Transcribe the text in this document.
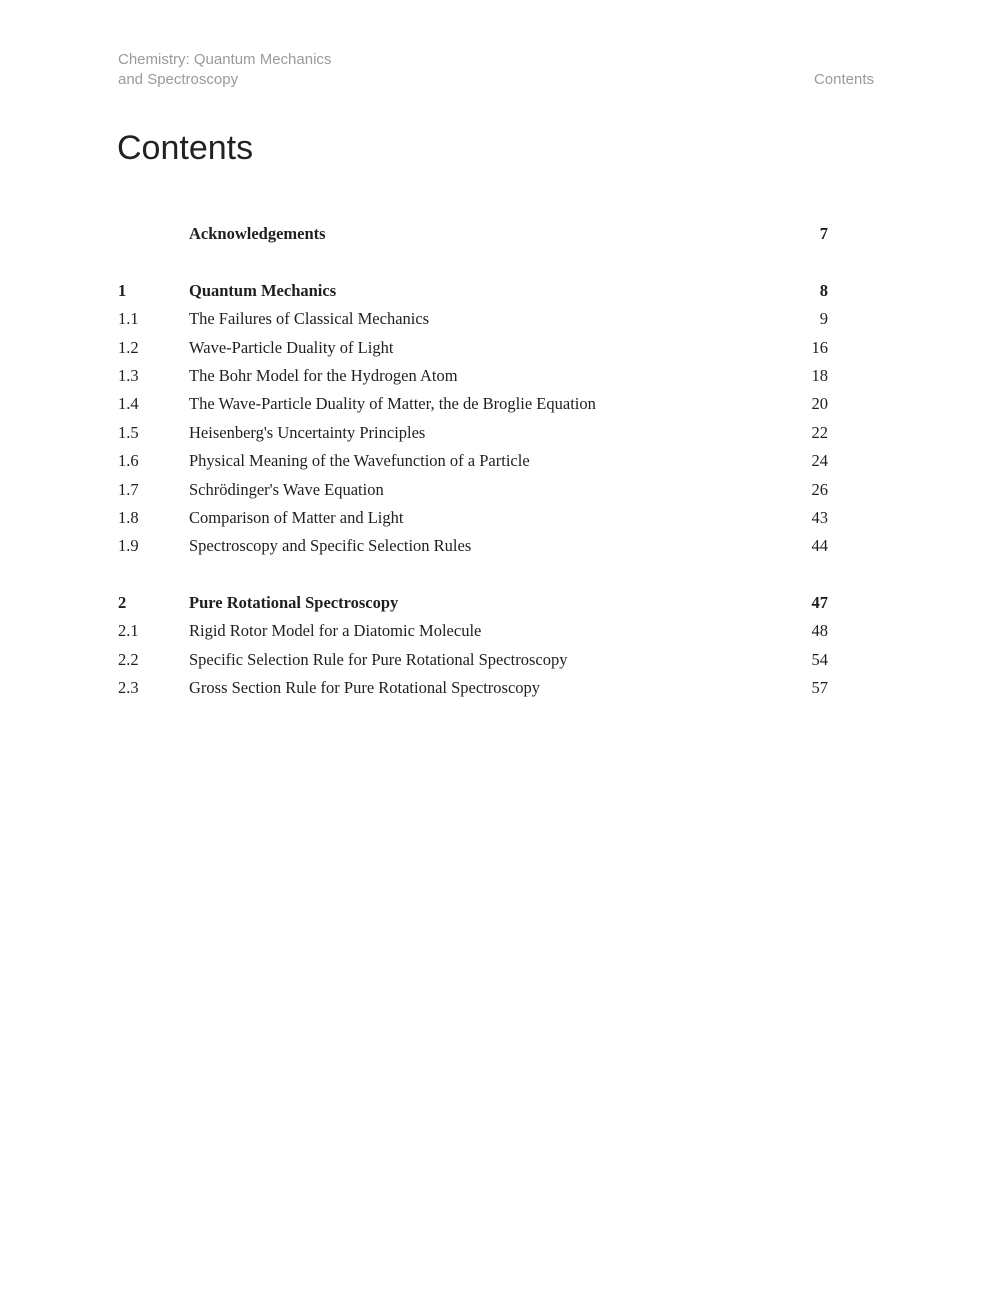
Chemistry: Quantum Mechanics
and Spectroscopy	Contents
Contents
Acknowledgements	7
1	Quantum Mechanics	8
1.1	The Failures of Classical Mechanics	9
1.2	Wave-Particle Duality of Light	16
1.3	The Bohr Model for the Hydrogen Atom	18
1.4	The Wave-Particle Duality of Matter, the de Broglie Equation	20
1.5	Heisenberg's Uncertainty Principles	22
1.6	Physical Meaning of the Wavefunction of a Particle	24
1.7	Schrödinger's Wave Equation	26
1.8	Comparison of Matter and Light	43
1.9	Spectroscopy and Specific Selection Rules	44
2	Pure Rotational Spectroscopy	47
2.1	Rigid Rotor Model for a Diatomic Molecule	48
2.2	Specific Selection Rule for Pure Rotational Spectroscopy	54
2.3	Gross Section Rule for Pure Rotational Spectroscopy	57
